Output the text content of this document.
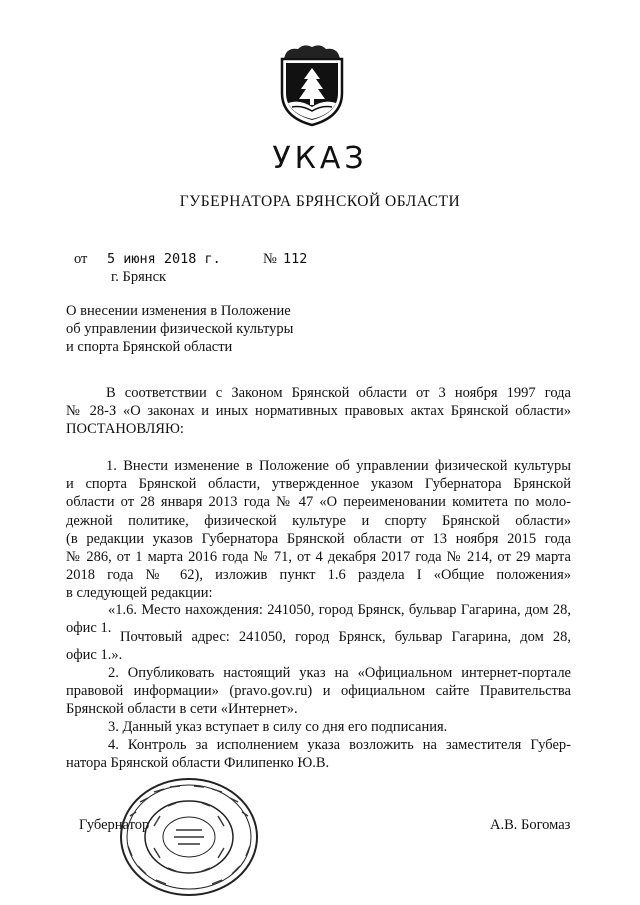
УКАЗ
ГУБЕРНАТОРА БРЯНСКОЙ ОБЛАСТИ
от 5 июня 2018 г.	№ 112
г. Брянск
О внесении изменения в Положение
об управлении физической культуры
и спорта Брянской области
В соответствии с Законом Брянской области от 3 ноября 1997 года
№ 28-З «О законах и иных нормативных правовых актах Брянской области»
ПОСТАНОВЛЯЮ:
1. Внести изменение в Положение об управлении физической культуры
и спорта Брянской области, утвержденное указом Губернатора Брянской
области от 28 января 2013 года № 47 «О переименовании комитета по моло-
дежной политике, физической культуре и спорту Брянской области»
(в редакции указов Губернатора Брянской области от 13 ноября 2015 года
№ 286, от 1 марта 2016 года № 71, от 4 декабря 2017 года № 214, от 29 марта
2018 года № 62), изложив пункт 1.6 раздела I «Общие положения»
в следующей редакции:
«1.6. Место нахождения: 241050, город Брянск, бульвар Гагарина, дом 28,
офис 1.
Почтовый адрес: 241050, город Брянск, бульвар Гагарина, дом 28,
офис 1.».
2. Опубликовать настоящий указ на «Официальном интернет-портале
правовой информации» (pravo.gov.ru) и официальном сайте Правительства
Брянской области в сети «Интернет».
3. Данный указ вступает в силу со дня его подписания.
4. Контроль за исполнением указа возложить на заместителя Губер-
натора Брянской области Филипенко Ю.В.
Губернатор	А.В. Богомаз
